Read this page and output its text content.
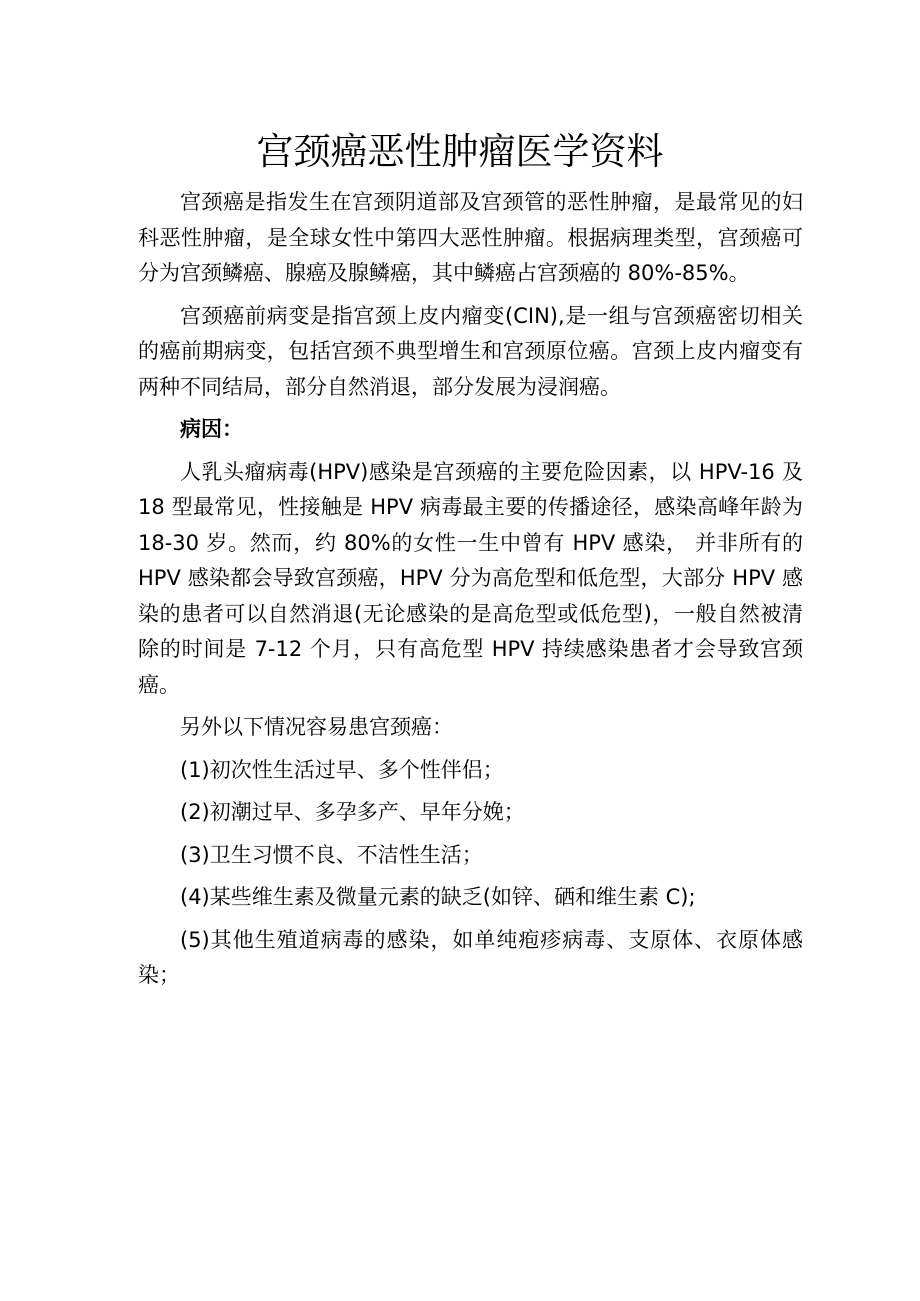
宫颈癌恶性肿瘤医学资料

宫颈癌是指发生在宫颈阴道部及宫颈管的恶性肿瘤，是最常见的妇科恶性肿瘤，是全球女性中第四大恶性肿瘤。根据病理类型，宫颈癌可分为宫颈鳞癌、腺癌及腺鳞癌，其中鳞癌占宫颈癌的 80%-85%。

宫颈癌前病变是指宫颈上皮内瘤变(CIN),是一组与宫颈癌密切相关的癌前期病变，包括宫颈不典型增生和宫颈原位癌。宫颈上皮内瘤变有两种不同结局，部分自然消退，部分发展为浸润癌。

病因：

人乳头瘤病毒(HPV)感染是宫颈癌的主要危险因素，以 HPV-16 及 18 型最常见，性接触是 HPV 病毒最主要的传播途径，感染高峰年龄为 18-30 岁。然而，约 80%的女性一生中曾有 HPV 感染， 并非所有的HPV 感染都会导致宫颈癌，HPV 分为高危型和低危型，大部分 HPV 感染的患者可以自然消退(无论感染的是高危型或低危型)，一般自然被清除的时间是 7-12 个月，只有高危型 HPV 持续感染患者才会导致宫颈癌。

另外以下情况容易患宫颈癌：

(1)初次性生活过早、多个性伴侣；
(2)初潮过早、多孕多产、早年分娩；
(3)卫生习惯不良、不洁性生活；
(4)某些维生素及微量元素的缺乏(如锌、硒和维生素 C);
(5)其他生殖道病毒的感染，如单纯疱疹病毒、支原体、衣原体感染；
